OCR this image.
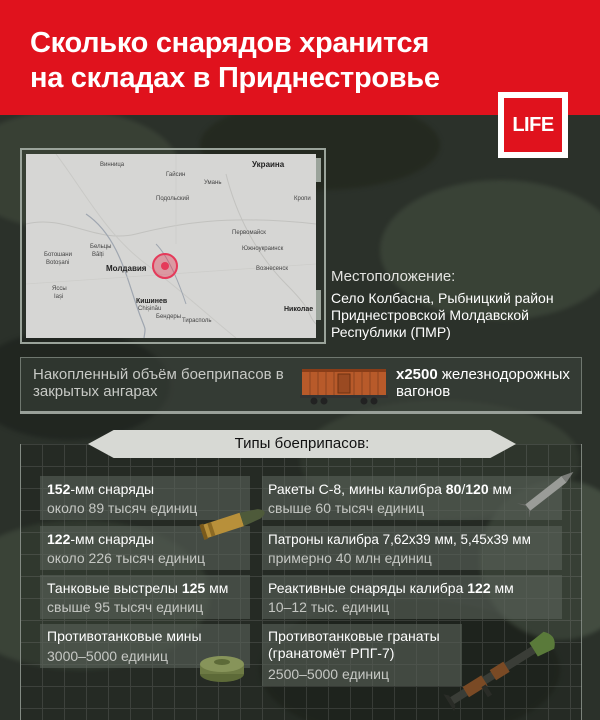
Сколько снарядов хранится
на складах в Приднестровье
LIFE
Украина
Молдавия
Кишинев
Chișinău
Яссы
Iași
Николае
Бельцы
Bălți
Ботошани
Botoșani
Кропи
Первомайск
Южноукраинск
Вознесенск
Тирасполь
Бендеры
Умань
Винница
Гайсин
Подольский
Местоположение:
Село Колбасна, Рыбницкий район Приднестровской Молдавской Республики (ПМР)
Накопленный объём боеприпасов в закрытых ангарах
х2500 железнодорожных вагонов
Типы боеприпасов:
152-мм снаряды
около 89 тысяч единиц
122-мм снаряды
около 226 тысяч единиц
Танковые выстрелы 125 мм
свыше 95 тысяч единиц
Противотанковые мины
3000–5000 единиц
Ракеты С-8, мины калибра 80/120 мм
свыше 60 тысяч единиц
Патроны калибра 7,62х39 мм, 5,45х39 мм
примерно 40 млн единиц
Реактивные снаряды калибра 122 мм
10–12 тыс. единиц
Противотанковые гранаты
(гранатомёт РПГ-7)
2500–5000 единиц
